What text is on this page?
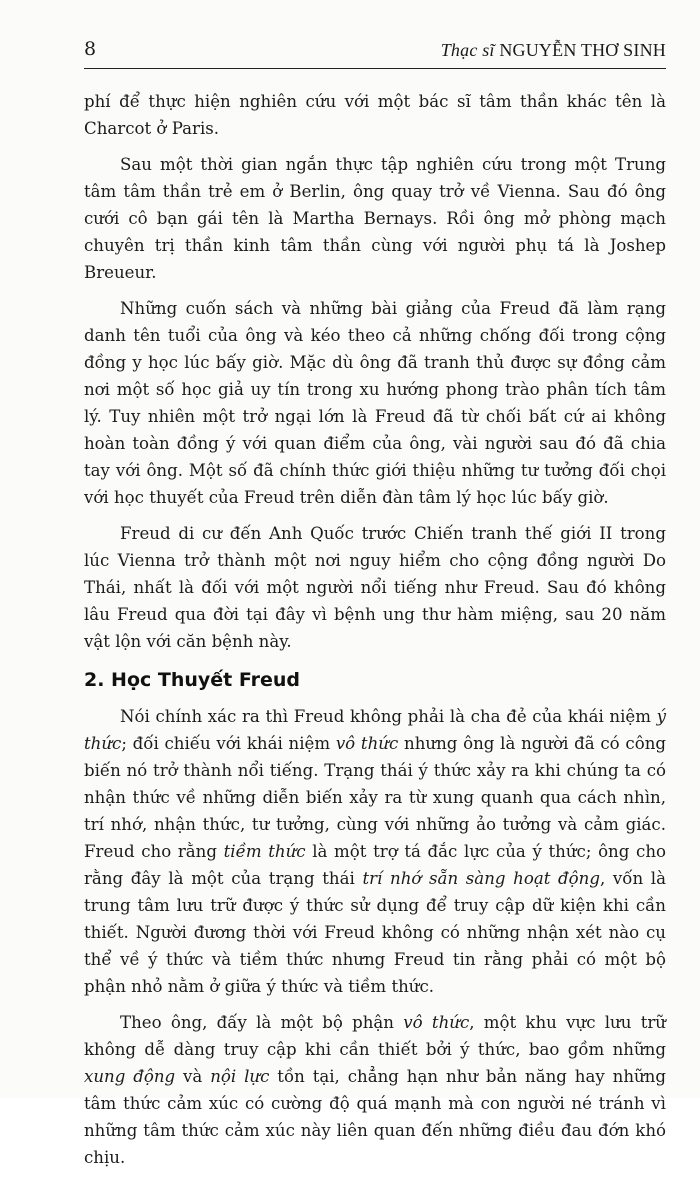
8	Thạc sĩ NGUYỄN THƠ SINH

phí để thực hiện nghiên cứu với một bác sĩ tâm thần khác tên là Charcot ở Paris.

Sau một thời gian ngắn thực tập nghiên cứu trong một Trung tâm tâm thần trẻ em ở Berlin, ông quay trở về Vienna. Sau đó ông cưới cô bạn gái tên là Martha Bernays. Rồi ông mở phòng mạch chuyên trị thần kinh tâm thần cùng với người phụ tá là Joshep Breueur.

Những cuốn sách và những bài giảng của Freud đã làm rạng danh tên tuổi của ông và kéo theo cả những chống đối trong cộng đồng y học lúc bấy giờ. Mặc dù ông đã tranh thủ được sự đồng cảm nơi một số học giả uy tín trong xu hướng phong trào phân tích tâm lý. Tuy nhiên một trở ngại lớn là Freud đã từ chối bất cứ ai không hoàn toàn đồng ý với quan điểm của ông, vài người sau đó đã chia tay với ông. Một số đã chính thức giới thiệu những tư tưởng đối chọi với học thuyết của Freud trên diễn đàn tâm lý học lúc bấy giờ.

Freud di cư đến Anh Quốc trước Chiến tranh thế giới II trong lúc Vienna trở thành một nơi nguy hiểm cho cộng đồng người Do Thái, nhất là đối với một người nổi tiếng như Freud. Sau đó không lâu Freud qua đời tại đây vì bệnh ung thư hàm miệng, sau 20 năm vật lộn với căn bệnh này.

2. Học Thuyết Freud

Nói chính xác ra thì Freud không phải là cha đẻ của khái niệm ý thức; đối chiếu với khái niệm vô thức nhưng ông là người đã có công biến nó trở thành nổi tiếng. Trạng thái ý thức xảy ra khi chúng ta có nhận thức về những diễn biến xảy ra từ xung quanh qua cách nhìn, trí nhớ, nhận thức, tư tưởng, cùng với những ảo tưởng và cảm giác. Freud cho rằng tiềm thức là một trợ tá đắc lực của ý thức; ông cho rằng đây là một của trạng thái trí nhớ sẵn sàng hoạt động, vốn là trung tâm lưu trữ được ý thức sử dụng để truy cập dữ kiện khi cần thiết. Người đương thời với Freud không có những nhận xét nào cụ thể về ý thức và tiềm thức nhưng Freud tin rằng phải có một bộ phận nhỏ nằm ở giữa ý thức và tiềm thức.

Theo ông, đấy là một bộ phận vô thức, một khu vực lưu trữ không dễ dàng truy cập khi cần thiết bởi ý thức, bao gồm những xung động và nội lực tồn tại, chẳng hạn như bản năng hay những tâm thức cảm xúc có cường độ quá mạnh mà con người né tránh vì những tâm thức cảm xúc này liên quan đến những điều đau đớn khó chịu.
